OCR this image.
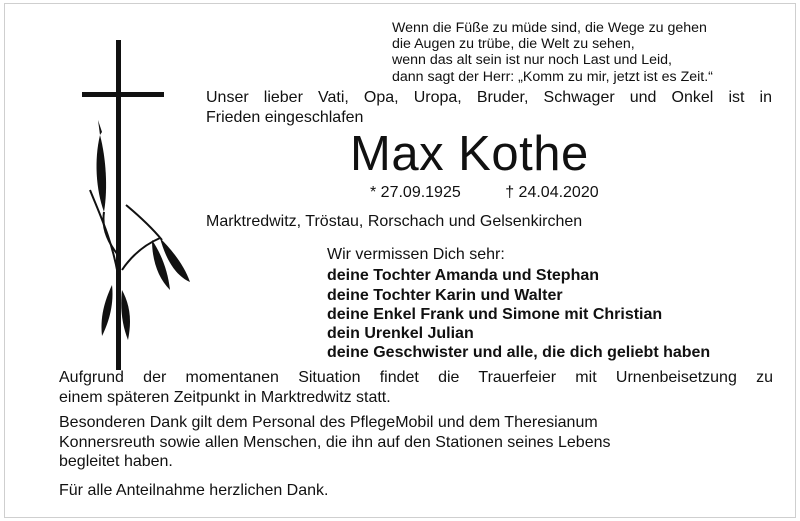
Wenn die Füße zu müde sind, die Wege zu gehen
die Augen zu trübe, die Welt zu sehen,
wenn das alt sein ist nur noch Last und Leid,
dann sagt der Herr: „Komm zu mir, jetzt ist es Zeit.“
Unser lieber Vati, Opa, Uropa, Bruder, Schwager und Onkel ist in
Frieden eingeschlafen
Max Kothe
* 27.09.1925	† 24.04.2020
Marktredwitz, Tröstau, Rorschach und Gelsenkirchen
Wir vermissen Dich sehr:
deine Tochter Amanda und Stephan
deine Tochter Karin und Walter
deine Enkel Frank und Simone mit Christian
dein Urenkel Julian
deine Geschwister und alle, die dich geliebt haben
Aufgrund der momentanen Situation findet die Trauerfeier mit Urnenbeisetzung zu
einem späteren Zeitpunkt in Marktredwitz statt.
Besonderen Dank gilt dem Personal des PflegeMobil und dem Theresianum
Konnersreuth sowie allen Menschen, die ihn auf den Stationen seines Lebens
begleitet haben.
Für alle Anteilnahme herzlichen Dank.
